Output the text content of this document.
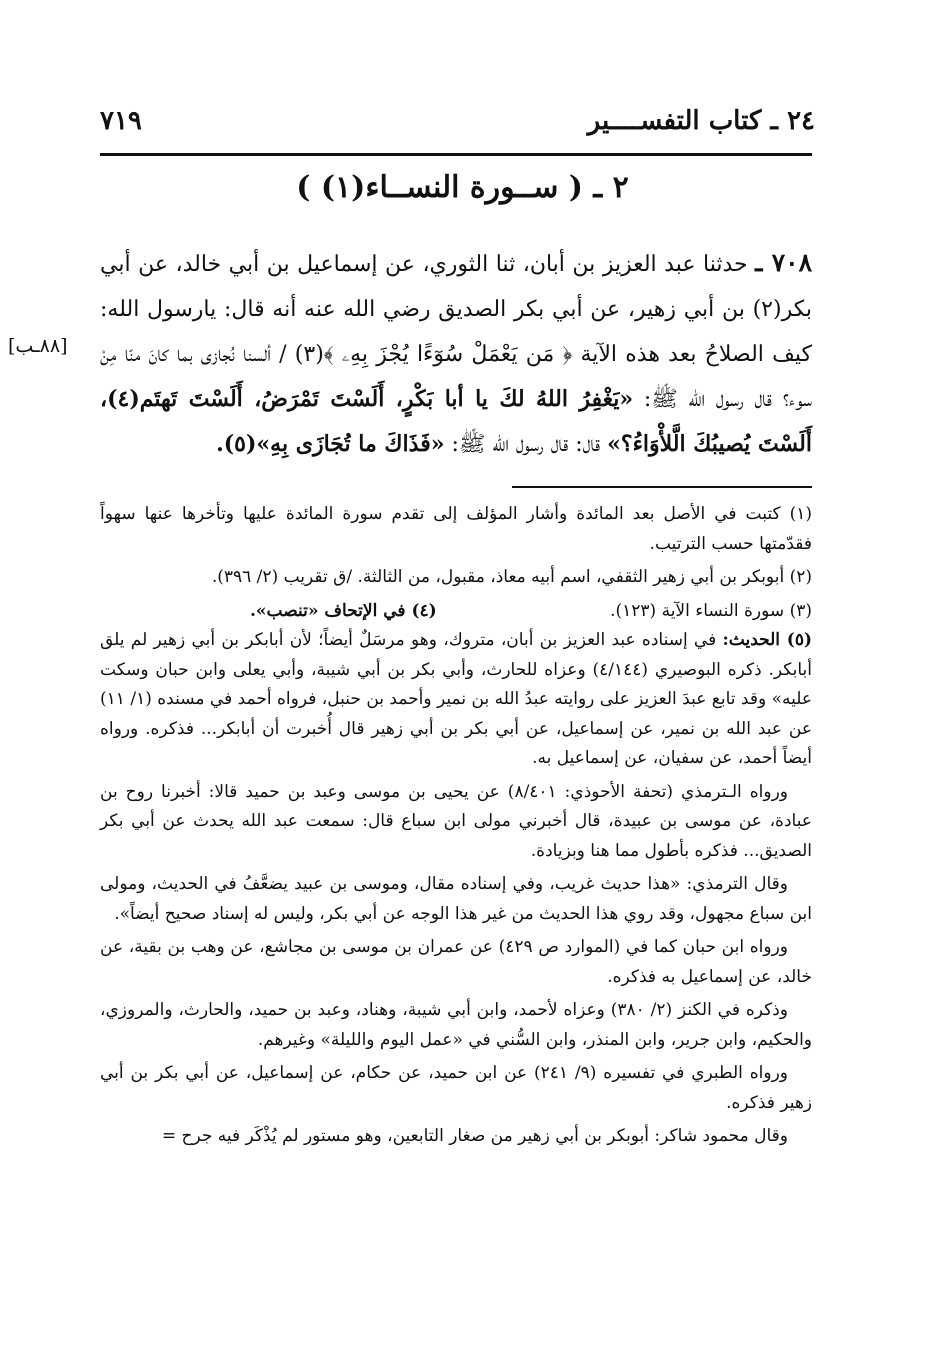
٢٤ ـ كتاب التفســــير
٧١٩
٢ ـ ( ســورة النســاء(١) )
[٨٨ـب]
٧٠٨ ـ حدثنا عبد العزيز بن أبان، ثنا الثوري، عن إسماعيل بن أبي خالد، عن أبي بكر(٢) بن أبي زهير، عن أبي بكر الصديق رضي الله عنه أنه قال: يارسول الله: كيف الصلاحُ بعد هذه الآية ﴿ مَن يَعْمَلْ سُوٓءًا يُجْزَ بِهِۦ ﴾(٣) / ألسنا نُجازى بما كانَ منّا مِنْ سوء؟ قال رسول الله ﷺ: «يَغْفِرُ اللهُ لكَ يا أبا بَكْرٍ، أَلَسْتَ تَمْرَضُ، أَلَسْتَ تَهتَم(٤)، أَلَسْتَ يُصيبُكَ الَّلأْوَاءُ؟» قال: قال رسول الله ﷺ: «فَذَاكَ ما تُجَازَى بِهِ»(٥).

(١) كتبت في الأصل بعد المائدة وأشار المؤلف إلى تقدم سورة المائدة عليها وتأخرها عنها سهواً فقدّمتها حسب الترتيب.

(٢) أبوبكر بن أبي زهير الثقفي، اسم أبيه معاذ، مقبول، من الثالثة. /ق تقريب (٢/ ٣٩٦).

(٣) سورة النساء الآية (١٢٣).
(٤) في الإتحاف «تنصب».

(٥) الحديث: في إسناده عبد العزيز بن أبان، متروك، وهو مرسَلٌ أيضاً؛ لأن أبابكر بن أبي زهير لم يلق أبابكر. ذكره البوصيري (٤/١٤٤) وعزاه للحارث، وأبي بكر بن أبي شيبة، وأبي يعلى وابن حبان وسكت عليه» وقد تابع عبدَ العزيز على روايته عبدُ الله بن نمير وأحمد بن حنبل، فرواه أحمد في مسنده (١/ ١١) عن عبد الله بن نمير، عن إسماعيل، عن أبي بكر بن أبي زهير قال أُخبرت أن أبابكر... فذكره. ورواه أيضاً أحمد، عن سفيان، عن إسماعيل به.

ورواه الـترمذي (تحفة الأحوذي: ٨/٤٠١) عن يحيى بن موسى وعبد بن حميد قالا: أخبرنا روح بن عبادة، عن موسى بن عبيدة، قال أخبرني مولى ابن سباع قال: سمعت عبد الله يحدث عن أبي بكر الصديق... فذكره بأطول مما هنا وبزيادة.

وقال الترمذي: «هذا حديث غريب، وفي إسناده مقال، وموسى بن عبيد يضعَّفُ في الحديث، ومولى ابن سباع مجهول، وقد روي هذا الحديث من غير هذا الوجه عن أبي بكر، وليس له إسناد صحيح أيضاً».

ورواه ابن حبان كما في (الموارد ص ٤٢٩) عن عمران بن موسى بن مجاشع، عن وهب بن بقية، عن خالد، عن إسماعيل به فذكره.

وذكره في الكنز (٢/ ٣٨٠) وعزاه لأحمد، وابن أبي شيبة، وهناد، وعبد بن حميد، والحارث، والمروزي، والحكيم، وابن جرير، وابن المنذر، وابن السُّني في «عمل اليوم والليلة» وغيرهم.

ورواه الطبري في تفسيره (٩/ ٢٤١) عن ابن حميد، عن حكام، عن إسماعيل، عن أبي بكر بن أبي زهير فذكره.

وقال محمود شاكر: أبوبكر بن أبي زهير من صغار التابعين، وهو مستور لم يُذْكَر فيه جرح =
